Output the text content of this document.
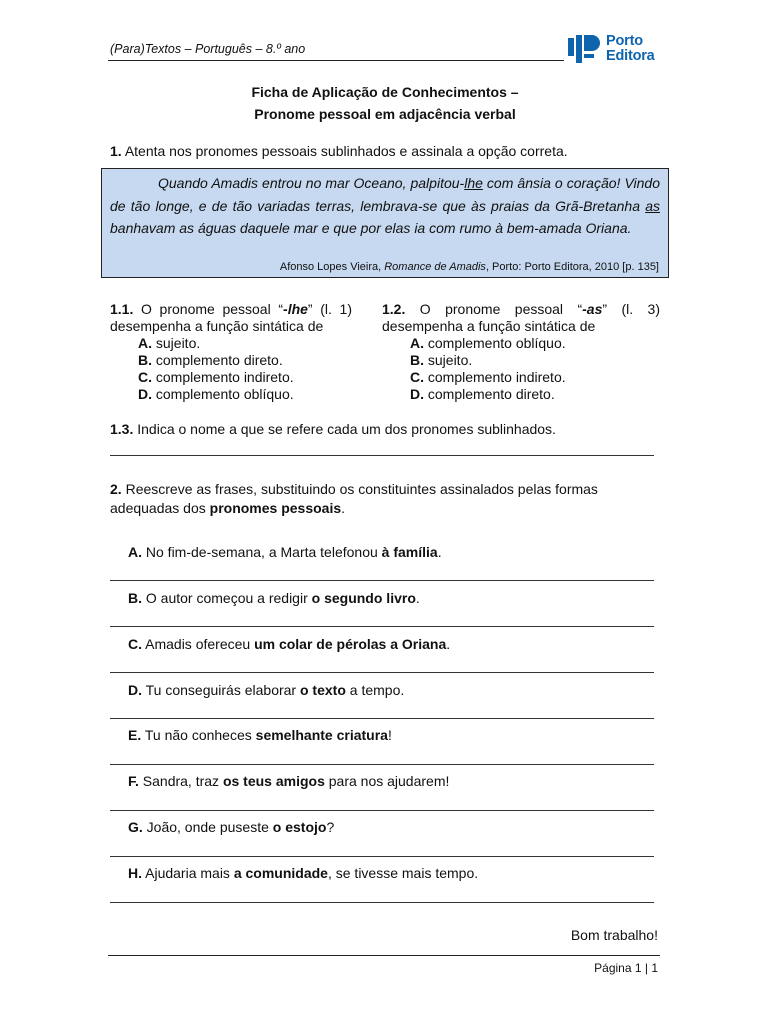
(Para)Textos – Português – 8.º ano	Porto
Editora
Ficha de Aplicação de Conhecimentos –
Pronome pessoal em adjacência verbal
1. Atenta nos pronomes pessoais sublinhados e assinala a opção correta.

Quando Amadis entrou no mar Oceano, palpitou-lhe com ânsia o coração! Vindo de tão longe, e de tão variadas terras, lembrava-se que às praias da Grã-Bretanha as banhavam as águas daquele mar e que por elas ia com rumo à bem-amada Oriana.

Afonso Lopes Vieira, Romance de Amadis, Porto: Porto Editora, 2010 [p. 135]
1.1. O pronome pessoal “-lhe” (l. 1) desempenha a função sintática de
A. sujeito.
B. complemento direto.
C. complemento indireto.
D. complemento oblíquo.
1.2. O pronome pessoal “-as” (l. 3) desempenha a função sintática de
A. complemento oblíquo.
B. sujeito.
C. complemento indireto.
D. complemento direto.
1.3. Indica o nome a que se refere cada um dos pronomes sublinhados.
2. Reescreve as frases, substituindo os constituintes assinalados pelas formas adequadas dos pronomes pessoais.
A. No fim-de-semana, a Marta telefonou à família.
B. O autor começou a redigir o segundo livro.
C. Amadis ofereceu um colar de pérolas a Oriana.
D. Tu conseguirás elaborar o texto a tempo.
E. Tu não conheces semelhante criatura!
F. Sandra, traz os teus amigos para nos ajudarem!
G. João, onde puseste o estojo?
H. Ajudaria mais a comunidade, se tivesse mais tempo.
Bom trabalho!
Página 1 | 1
